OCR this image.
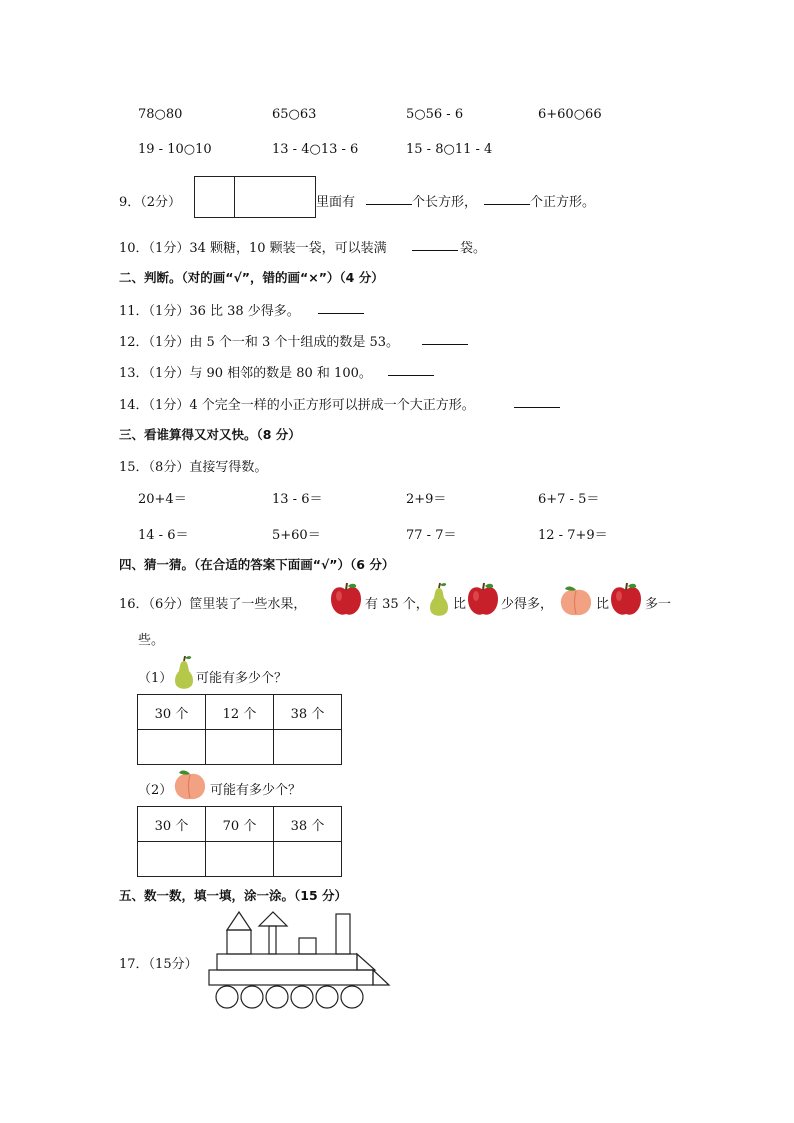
78○80	65○63	5○56 - 6	6+60○66
19 - 10○10	13 - 4○13 - 6	15 - 8○11 - 4
9．（2分）	里面有	个长方形，	个正方形。
10．（1分）34 颗糖，10 颗装一袋，可以装满	袋。
二、判断。（对的画“√”，错的画“×”）（4 分）
11．（1分）36 比 38 少得多。
12．（1分）由 5 个一和 3 个十组成的数是 53。
13．（1分）与 90 相邻的数是 80 和 100。
14．（1分）4 个完全一样的小正方形可以拼成一个大正方形。
三、看谁算得又对又快。（8 分）
15．（8分）直接写得数。
20+4＝	13 - 6＝	2+9＝	6+7 - 5＝
14 - 6＝	5+60＝	77 - 7＝	12 - 7+9＝
四、猜一猜。（在合适的答案下面画“√”）（6 分）
16．（6分）筐里装了一些水果，	有 35 个， 比	少得多，	比	多一
些。
（1） 可能有多少个？
30 个	12 个	38 个

（2）	可能有多少个？
30 个	70 个	38 个

五、数一数，填一填，涂一涂。（15 分）
17．（15分）
